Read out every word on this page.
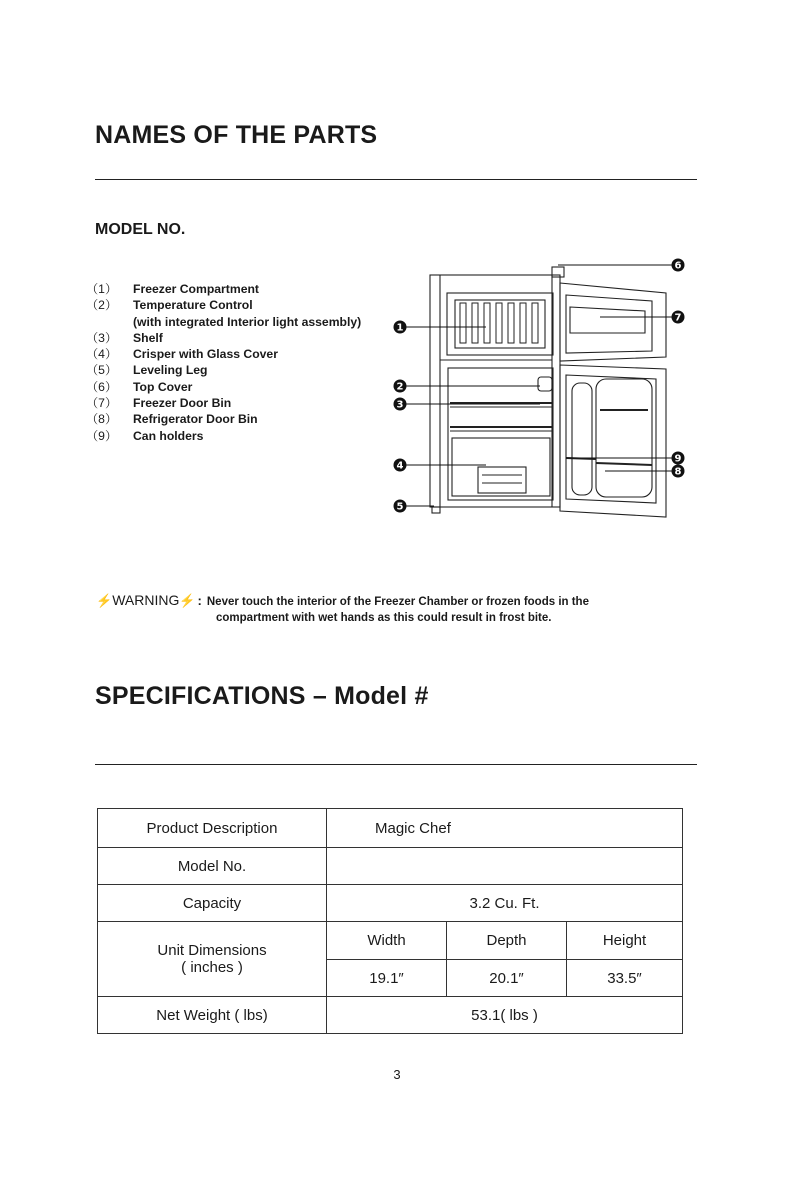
NAMES OF THE PARTS
MODEL NO.
（1）	Freezer Compartment
（2）	Temperature Control
(with integrated Interior light assembly)
（3）	Shelf
（4）	Crisper with Glass Cover
（5）	Leveling Leg
（6）	Top Cover
（7）	Freezer Door Bin
（8）	Refrigerator Door Bin
（9）	Can holders
1
2
3
4
5
6
7
8
9
⚡ WARNING ⚡ : Never touch the interior of the Freezer Chamber or frozen foods in the
compartment with wet hands as this could result in frost bite.
SPECIFICATIONS – Model #
Product Description	Magic Chef		
Model No.			
Capacity	3.2 Cu. Ft.		

Unit Dimensions
( inches )	Width	Depth	Height
	19.1″	20.1″	33.5″
Net Weight ( lbs)	53.1( lbs )		
3
